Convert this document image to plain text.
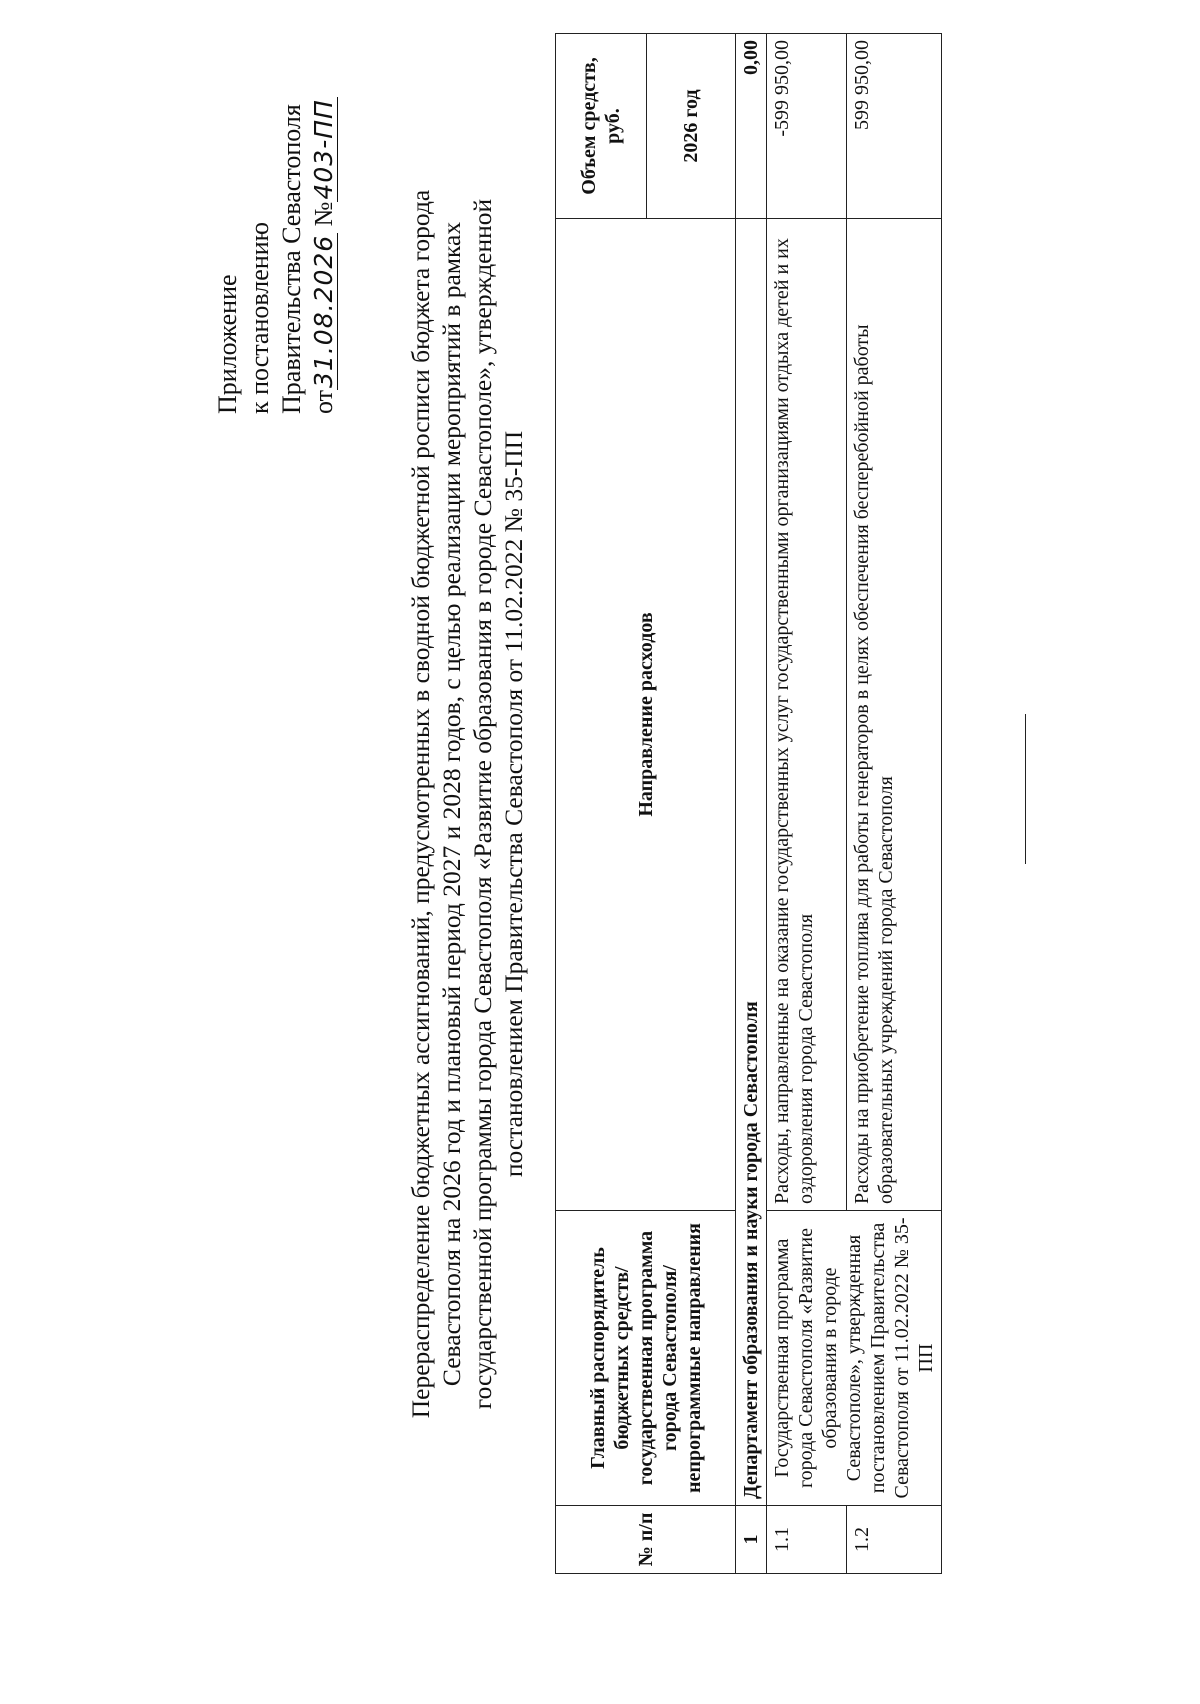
Приложение к постановлению Правительства Севастополя от31.08.2026 №403-ПП
Перераспределение бюджетных ассигнований, предусмотренных в сводной бюджетной росписи бюджета города Севастополя на 2026 год и плановый период 2027 и 2028 годов, с целью реализации мероприятий в рамках государственной программы города Севастополя «Развитие образования в городе Севастополе», утвержденной постановлением Правительства Севастополя от 11.02.2022 № 35-ПП
№ п/п	Главный распорядитель бюджетных средств/государственная программа города Севастополя/непрограммные направления	Направление расходов	Объем средств, руб.
			2026 год
1	Департамент образования и науки города Севастополя		0,00
1.1	Государственная программа города Севастополя «Развитие образования в городе Севастополе», утвержденная постановлением Правительства Севастополя от 11.02.2022 № 35-ПП	Расходы, направленные на оказание государственных услуг государственными организациями отдыха детей и их оздоровления города Севастополя	-599 950,00
1.2		Расходы на приобретение топлива для работы генераторов в целях обеспечения бесперебойной работы образовательных учреждений города Севастополя	599 950,00
